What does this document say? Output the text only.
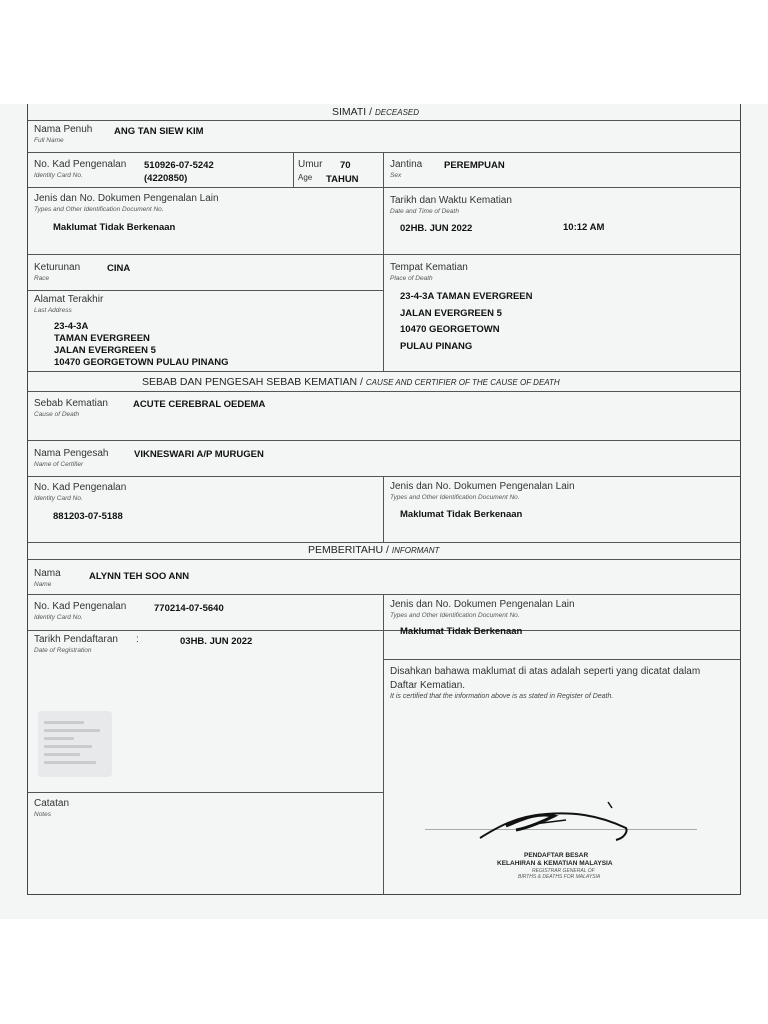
SIMATI / DECEASED
Nama Penuh
Full Name
ANG TAN SIEW KIM
No. Kad Pengenalan
Identity Card No.
510926-07-5242
(4220850)
Umur
Age
70
TAHUN
Jantina
Sex
PEREMPUAN
Jenis dan No. Dokumen Pengenalan Lain
Types and Other Identification Document No.
Maklumat Tidak Berkenaan
Tarikh dan Waktu Kematian
Date and Time of Death
02HB. JUN 2022	10:12 AM
Keturunan
Race
CINA	Tempat Kematian
Place of Death
23-4-3A TAMAN EVERGREEN
JALAN EVERGREEN 5
10470 GEORGETOWN
PULAU PINANG
Alamat Terakhir
Last Address
23-4-3A
TAMAN EVERGREEN
JALAN EVERGREEN 5
10470 GEORGETOWN PULAU PINANG
SEBAB DAN PENGESAH SEBAB KEMATIAN / CAUSE AND CERTIFIER OF THE CAUSE OF DEATH
Sebab Kematian
Cause of Death
ACUTE CEREBRAL OEDEMA
Nama Pengesah
Name of Certifier
VIKNESWARI A/P MURUGEN
No. Kad Pengenalan
Identity Card No.
881203-07-5188
Jenis dan No. Dokumen Pengenalan Lain
Types and Other Identification Document No.
Maklumat Tidak Berkenaan
PEMBERITAHU / INFORMANT
Nama
Name
ALYNN TEH SOO ANN
No. Kad Pengenalan
Identity Card No.
770214-07-5640	Jenis dan No. Dokumen Pengenalan Lain
Types and Other Identification Document No.
Maklumat Tidak Berkenaan
Tarikh Pendaftaran
Date of Registration
:	03HB. JUN 2022
Disahkan bahawa maklumat di atas adalah seperti yang dicatat dalam
Daftar Kematian.
It is certified that the information above is as stated in Register of Death.
Catatan
Notes
PENDAFTAR BESAR
KELAHIRAN & KEMATIAN MALAYSIA
REGISTRAR GENERAL OF
BIRTHS & DEATHS FOR MALAYSIA
